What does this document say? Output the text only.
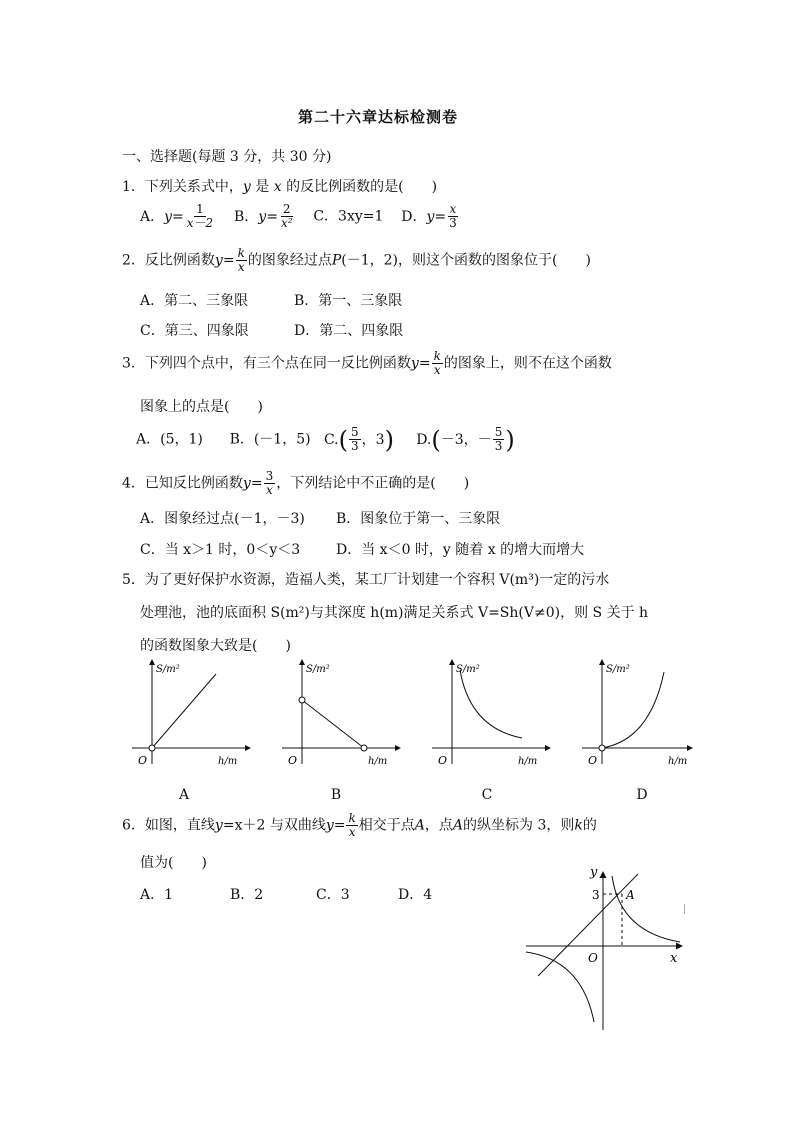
第二十六章达标检测卷
一、选择题(每题 3 分，共 30 分)
1．下列关系式中，y 是 x 的反比例函数的是( )
A．$y= \frac{1}{x-2}$ B．$y= \frac{2}{\text{x²}}$ C．3xy=1 D．$y= \frac{x}{3}$
2．反比例函数$y= \frac{k}{x}$ 的图象经过点P(－1，2)，则这个函数的图象位于( )
A．第二、三象限	B．第一、三象限
C．第三、四象限	D．第二、四象限
3．下列四个点中，有三个点在同一反比例函数$y= \frac{k}{x}$ 的图象上，则不在这个函数
图象上的点是( )
A．(5，1) B．(－1，5) $C.( \frac{5}{3}$ ，3) D.(－3，－ $\frac{5}{3}$ )
4．已知反比例函数$y= \frac{3}{x}$ ，下列结论中不正确的是( )
A．图象经过点(－1，－3) B．图象位于第一、三象限
C．当 x＞1 时，0＜y＜3	D．当 x＜0 时，y 随着 x 的增大而增大
5．为了更好保护水资源，造福人类，某工厂计划建一个容积 V(m³)一定的污水
处理池，池的底面积 S(m²)与其深度 h(m)满足关系式 V=Sh(V≠0)，则 S 关于 h
的函数图象大致是( )
S/m²
O	h/m
S/m²
O	h/m
S/m²
O	h/m
S/m²
O	h/m
A	B	C	D
6．如图，直线y=x＋2 与双曲线$y= \frac{k}{x}$ 相交于点A，点A的纵坐标为 3，则k的
值为( )
A．1	B．2	C．3	D．4
y
x
O
3 A
